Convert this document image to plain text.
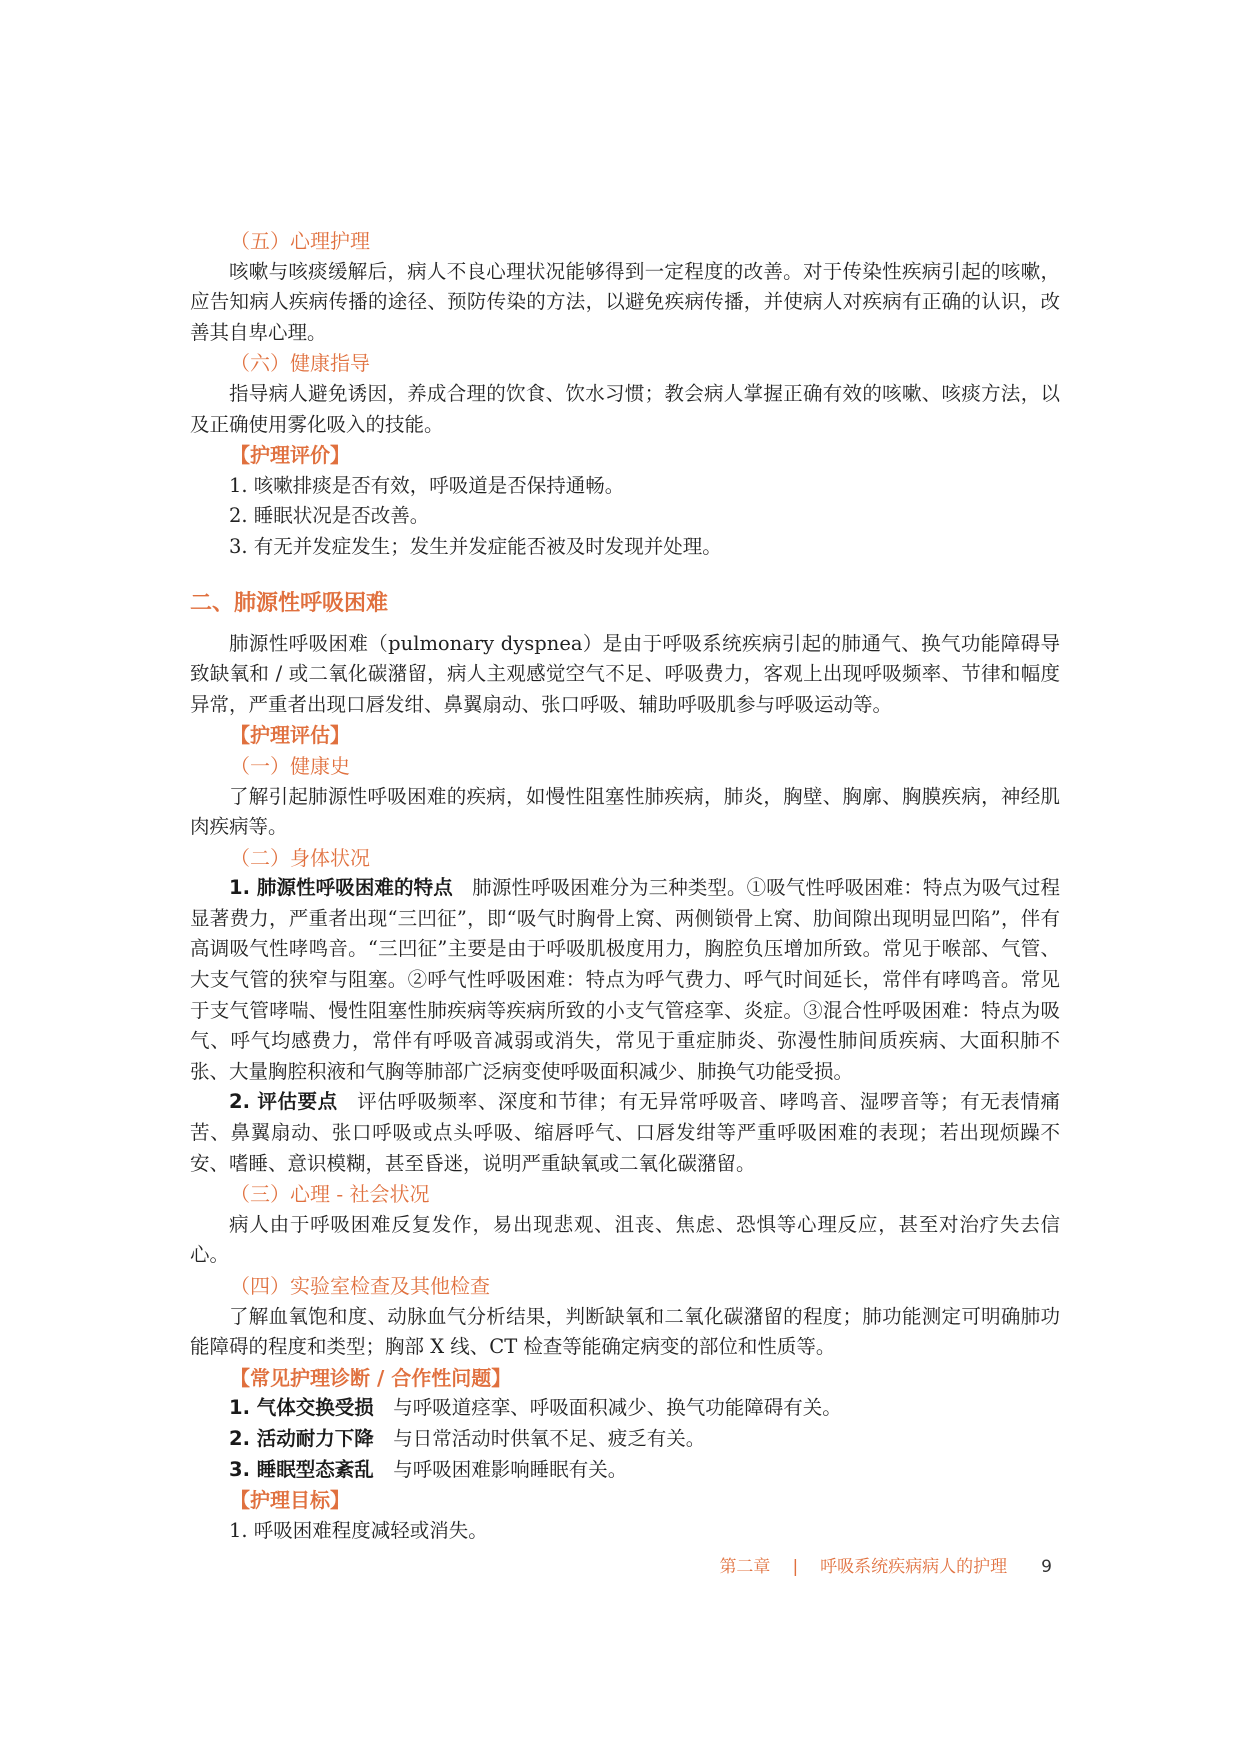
（五）心理护理

咳嗽与咳痰缓解后，病人不良心理状况能够得到一定程度的改善。对于传染性疾病引起的咳嗽，应告知病人疾病传播的途径、预防传染的方法，以避免疾病传播，并使病人对疾病有正确的认识，改善其自卑心理。

（六）健康指导

指导病人避免诱因，养成合理的饮食、饮水习惯；教会病人掌握正确有效的咳嗽、咳痰方法，以及正确使用雾化吸入的技能。

【护理评价】

1. 咳嗽排痰是否有效，呼吸道是否保持通畅。

2. 睡眠状况是否改善。

3. 有无并发症发生；发生并发症能否被及时发现并处理。

二、肺源性呼吸困难

肺源性呼吸困难（pulmonary dyspnea）是由于呼吸系统疾病引起的肺通气、换气功能障碍导致缺氧和 / 或二氧化碳潴留，病人主观感觉空气不足、呼吸费力，客观上出现呼吸频率、节律和幅度异常，严重者出现口唇发绀、鼻翼扇动、张口呼吸、辅助呼吸肌参与呼吸运动等。

【护理评估】

（一）健康史

了解引起肺源性呼吸困难的疾病，如慢性阻塞性肺疾病，肺炎，胸壁、胸廓、胸膜疾病，神经肌肉疾病等。

（二）身体状况

1. 肺源性呼吸困难的特点 肺源性呼吸困难分为三种类型。①吸气性呼吸困难：特点为吸气过程显著费力，严重者出现“三凹征”，即“吸气时胸骨上窝、两侧锁骨上窝、肋间隙出现明显凹陷”，伴有高调吸气性哮鸣音。“三凹征”主要是由于呼吸肌极度用力，胸腔负压增加所致。常见于喉部、气管、大支气管的狭窄与阻塞。②呼气性呼吸困难：特点为呼气费力、呼气时间延长，常伴有哮鸣音。常见于支气管哮喘、慢性阻塞性肺疾病等疾病所致的小支气管痉挛、炎症。③混合性呼吸困难：特点为吸气、呼气均感费力，常伴有呼吸音减弱或消失，常见于重症肺炎、弥漫性肺间质疾病、大面积肺不张、大量胸腔积液和气胸等肺部广泛病变使呼吸面积减少、肺换气功能受损。

2. 评估要点 评估呼吸频率、深度和节律；有无异常呼吸音、哮鸣音、湿啰音等；有无表情痛苦、鼻翼扇动、张口呼吸或点头呼吸、缩唇呼气、口唇发绀等严重呼吸困难的表现；若出现烦躁不安、嗜睡、意识模糊，甚至昏迷，说明严重缺氧或二氧化碳潴留。

（三）心理 - 社会状况

病人由于呼吸困难反复发作，易出现悲观、沮丧、焦虑、恐惧等心理反应，甚至对治疗失去信心。

（四）实验室检查及其他检查

了解血氧饱和度、动脉血气分析结果，判断缺氧和二氧化碳潴留的程度；肺功能测定可明确肺功能障碍的程度和类型；胸部 X 线、CT 检查等能确定病变的部位和性质等。

【常见护理诊断 / 合作性问题】

1. 气体交换受损 与呼吸道痉挛、呼吸面积减少、换气功能障碍有关。

2. 活动耐力下降 与日常活动时供氧不足、疲乏有关。

3. 睡眠型态紊乱 与呼吸困难影响睡眠有关。

【护理目标】

1. 呼吸困难程度减轻或消失。

第二章 | 呼吸系统疾病病人的护理 9
